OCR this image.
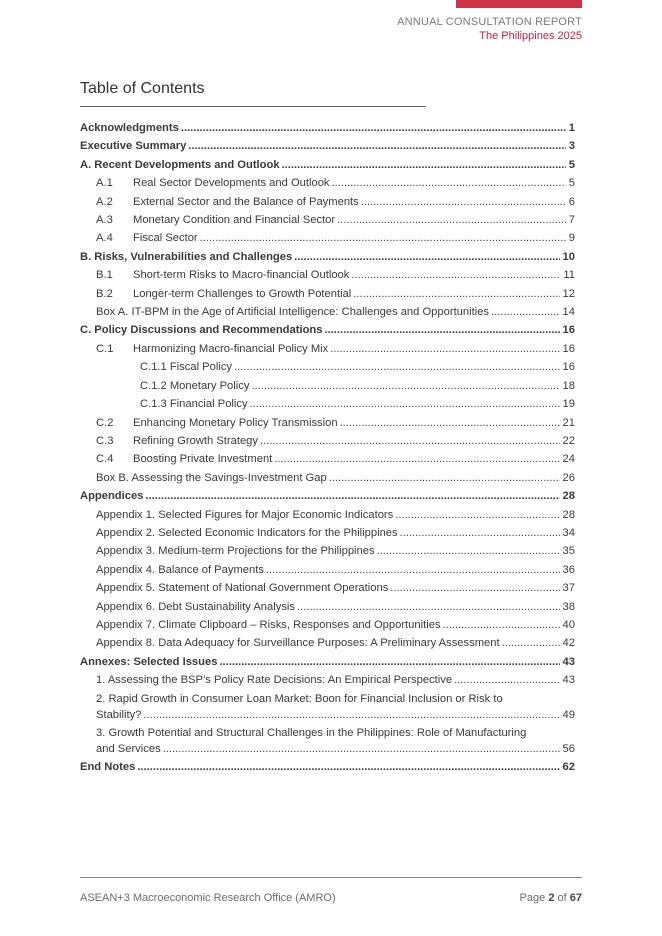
ANNUAL CONSULTATION REPORT
The Philippines 2025
Table of Contents
Acknowledgments .....	1
Executive Summary .....	3
A. Recent Developments and Outlook .....	5
A.1	Real Sector Developments and Outlook .....	5
A.2	External Sector and the Balance of Payments .....	6
A.3	Monetary Condition and Financial Sector .....	7
A.4	Fiscal Sector .....	9
B. Risks, Vulnerabilities and Challenges .....	10
B.1	Short-term Risks to Macro-financial Outlook .....	11
B.2	Longer-term Challenges to Growth Potential .....	12
Box A. IT-BPM in the Age of Artificial Intelligence: Challenges and Opportunities .....	14
C. Policy Discussions and Recommendations .....	16
C.1	Harmonizing Macro-financial Policy Mix .....	16
C.1.1 Fiscal Policy .....	16
C.1.2 Monetary Policy .....	18
C.1.3 Financial Policy .....	19
C.2	Enhancing Monetary Policy Transmission .....	21
C.3	Refining Growth Strategy .....	22
C.4	Boosting Private Investment .....	24
Box B. Assessing the Savings-Investment Gap .....	26
Appendices .....	28
Appendix 1. Selected Figures for Major Economic Indicators .....	28
Appendix 2. Selected Economic Indicators for the Philippines .....	34
Appendix 3. Medium-term Projections for the Philippines .....	35
Appendix 4. Balance of Payments .....	36
Appendix 5. Statement of National Government Operations .....	37
Appendix 6. Debt Sustainability Analysis .....	38
Appendix 7. Climate Clipboard – Risks, Responses and Opportunities .....	40
Appendix 8. Data Adequacy for Surveillance Purposes: A Preliminary Assessment .....	42
Annexes: Selected Issues .....	43
1. Assessing the BSP’s Policy Rate Decisions: An Empirical Perspective .....	43
2. Rapid Growth in Consumer Loan Market: Boon for Financial Inclusion or Risk to
Stability? .....	49
3. Growth Potential and Structural Challenges in the Philippines: Role of Manufacturing
and Services .....	56
End Notes .....	62
ASEAN+3 Macroeconomic Research Office (AMRO)	Page 2 of 67
